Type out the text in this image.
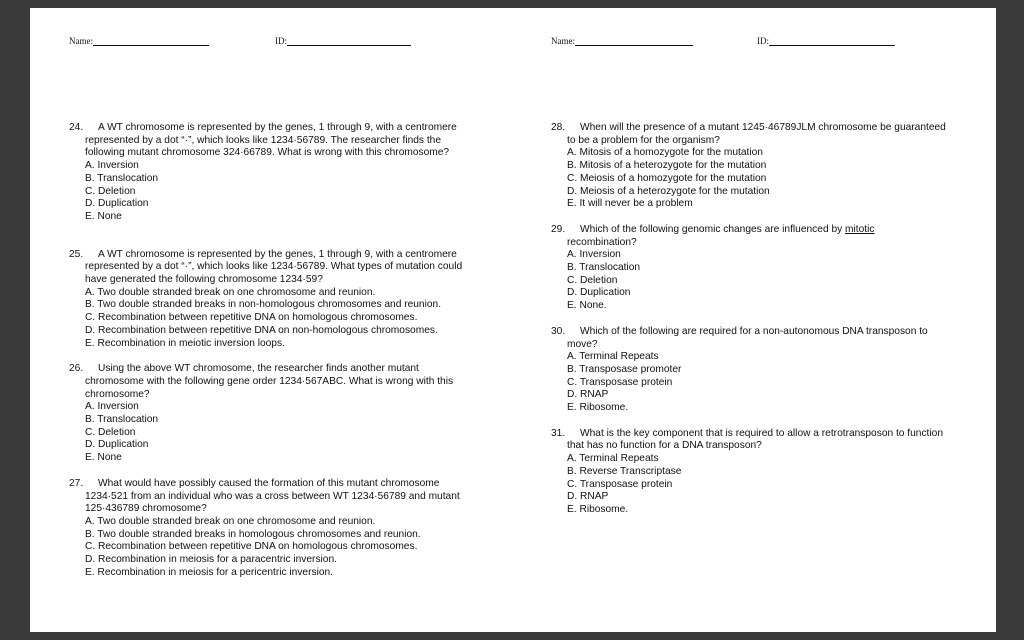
Name:	ID:	Name:	ID:
24.	A WT chromosome is represented by the genes, 1 through 9, with a centromere represented by a dot “·”, which looks like 1234·56789. The researcher finds the following mutant chromosome 324·66789. What is wrong with this chromosome?
A. Inversion
B. Translocation
C. Deletion
D. Duplication
E. None
25.	A WT chromosome is represented by the genes, 1 through 9, with a centromere represented by a dot “·”, which looks like 1234·56789. What types of mutation could have generated the following chromosome 1234·59?
A. Two double stranded break on one chromosome and reunion.
B. Two double stranded breaks in non-homologous chromosomes and reunion.
C. Recombination between repetitive DNA on homologous chromosomes.
D. Recombination between repetitive DNA on non-homologous chromosomes.
E. Recombination in meiotic inversion loops.
26.	Using the above WT chromosome, the researcher finds another mutant chromosome with the following gene order 1234·567ABC. What is wrong with this chromosome?
A. Inversion
B. Translocation
C. Deletion
D. Duplication
E. None
27.	What would have possibly caused the formation of this mutant chromosome 1234·521 from an individual who was a cross between WT 1234·56789 and mutant 125·436789 chromosome?
A. Two double stranded break on one chromosome and reunion.
B. Two double stranded breaks in homologous chromosomes and reunion.
C. Recombination between repetitive DNA on homologous chromosomes.
D. Recombination in meiosis for a paracentric inversion.
E. Recombination in meiosis for a pericentric inversion.
28.	When will the presence of a mutant 1245·46789JLM chromosome be guaranteed to be a problem for the organism?
A. Mitosis of a homozygote for the mutation
B. Mitosis of a heterozygote for the mutation
C. Meiosis of a homozygote for the mutation
D. Meiosis of a heterozygote for the mutation
E. It will never be a problem
29.	Which of the following genomic changes are influenced by mitotic recombination?
A. Inversion
B. Translocation
C. Deletion
D. Duplication
E. None.
30.	Which of the following are required for a non-autonomous DNA transposon to move?
A. Terminal Repeats
B. Transposase promoter
C. Transposase protein
D. RNAP
E. Ribosome.
31.	What is the key component that is required to allow a retrotransposon to function that has no function for a DNA transposon?
A. Terminal Repeats
B. Reverse Transcriptase
C. Transposase protein
D. RNAP
E. Ribosome.
